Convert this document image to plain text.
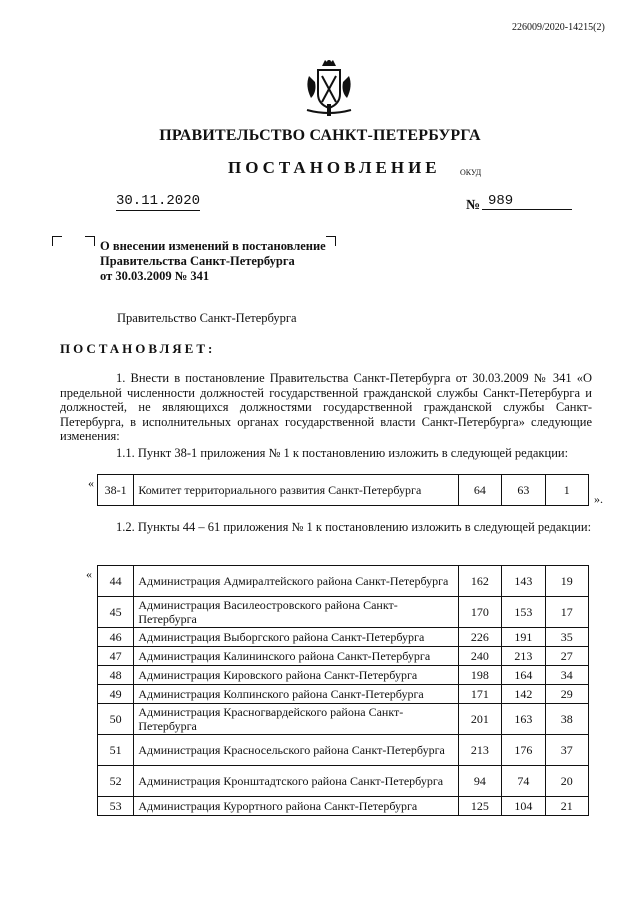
226009/2020-14215(2)
ПРАВИТЕЛЬСТВО САНКТ-ПЕТЕРБУРГА
ПОСТАНОВЛЕНИЕ ОКУД
30.11.2020	№ 989
О внесении изменений в постановление
Правительства Санкт-Петербурга
от 30.03.2009 № 341
Правительство Санкт-Петербурга
ПОСТАНОВЛЯЕТ:
1. Внести в постановление Правительства Санкт-Петербурга от 30.03.2009 № 341 «О предельной численности должностей государственной гражданской службы Санкт-Петербурга и должностей, не являющихся должностями государственной гражданской службы Санкт-Петербурга, в исполнительных органах государственной власти Санкт-Петербурга» следующие изменения:
1.1. Пункт 38-1 приложения № 1 к постановлению изложить в следующей редакции:
« 38-1	Комитет территориального развития Санкт-Петербурга	64	63	1
».
1.2. Пункты 44 – 61 приложения № 1 к постановлению изложить в следующей редакции:
« 44	Администрация Адмиралтейского района Санкт-Петербурга	162	143	19
45	Администрация Василеостровского района Санкт-Петербурга	170	153	17
46	Администрация Выборгского района Санкт-Петербурга	226	191	35
47	Администрация Калининского района Санкт-Петербурга	240	213	27
48	Администрация Кировского района Санкт-Петербурга	198	164	34
49	Администрация Колпинского района Санкт-Петербурга	171	142	29
50	Администрация Красногвардейского района Санкт-Петербурга	201	163	38
51	Администрация Красносельского района Санкт-Петербурга	213	176	37
52	Администрация Кронштадтского района Санкт-Петербурга	94	74	20
53	Администрация Курортного района Санкт-Петербурга	125	104	21
